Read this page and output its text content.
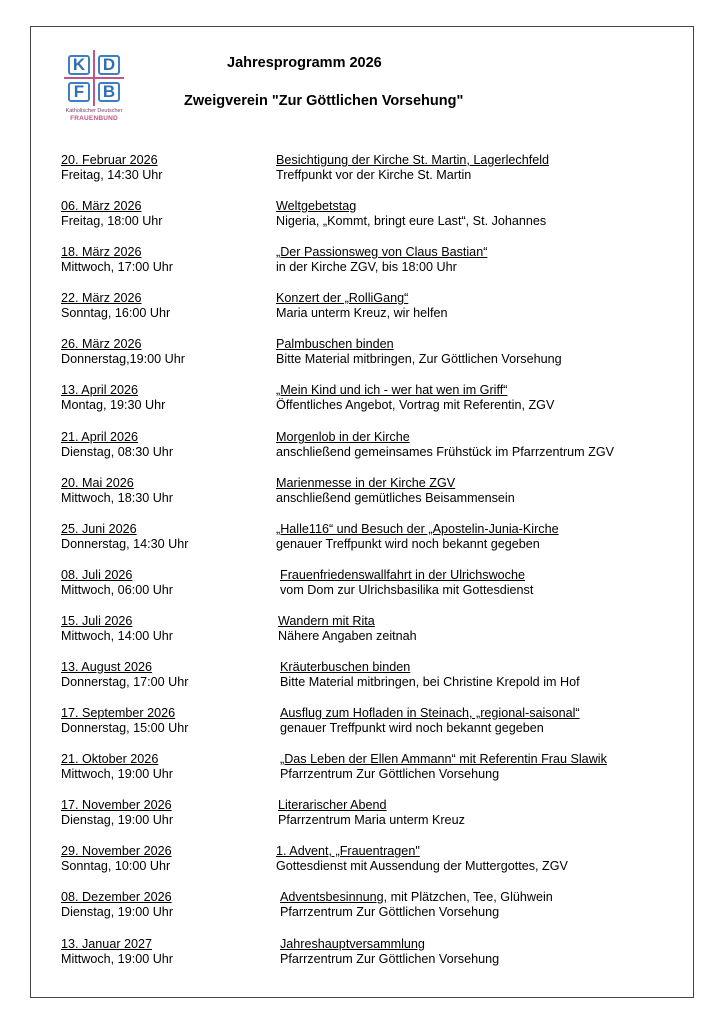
K D
F	B
Katholischer Deutscher
FRAUENBUND
Jahresprogramm 2026
Zweigverein "Zur Göttlichen Vorsehung"
20. Februar 2026
Freitag, 14:30 Uhr
Besichtigung der Kirche St. Martin, Lagerlechfeld
Treffpunkt vor der Kirche St. Martin
06. März 2026
Freitag, 18:00 Uhr
Weltgebetstag
Nigeria, „Kommt, bringt eure Last“, St. Johannes
18. März 2026
Mittwoch, 17:00 Uhr
„Der Passionsweg von Claus Bastian“
in der Kirche ZGV, bis 18:00 Uhr
22. März 2026
Sonntag, 16:00 Uhr
Konzert der „RolliGang“
Maria unterm Kreuz, wir helfen
26. März 2026
Donnerstag,19:00 Uhr
Palmbuschen binden
Bitte Material mitbringen, Zur Göttlichen Vorsehung
13. April 2026
Montag, 19:30 Uhr
„Mein Kind und ich - wer hat wen im Griff“
Öffentliches Angebot, Vortrag mit Referentin, ZGV
21. April 2026
Dienstag, 08:30 Uhr
Morgenlob in der Kirche
anschließend gemeinsames Frühstück im Pfarrzentrum ZGV
20. Mai 2026
Mittwoch, 18:30 Uhr
Marienmesse in der Kirche ZGV
anschließend gemütliches Beisammensein
25. Juni 2026
Donnerstag, 14:30 Uhr
„Halle116“ und Besuch der „Apostelin-Junia-Kirche
genauer Treffpunkt wird noch bekannt gegeben
08. Juli 2026
Mittwoch, 06:00 Uhr
Frauenfriedenswallfahrt in der Ulrichswoche
vom Dom zur Ulrichsbasilika mit Gottesdienst
15. Juli 2026
Mittwoch, 14:00 Uhr
Wandern mit Rita
Nähere Angaben zeitnah
13. August 2026
Donnerstag, 17:00 Uhr
Kräuterbuschen binden
Bitte Material mitbringen, bei Christine Krepold im Hof
17. September 2026
Donnerstag, 15:00 Uhr
Ausflug zum Hofladen in Steinach, „regional-saisonal“
genauer Treffpunkt wird noch bekannt gegeben
21. Oktober 2026
Mittwoch, 19:00 Uhr
„Das Leben der Ellen Ammann“ mit Referentin Frau Slawik
Pfarrzentrum Zur Göttlichen Vorsehung
17. November 2026
Dienstag, 19:00 Uhr
Literarischer Abend
Pfarrzentrum Maria unterm Kreuz
29. November 2026
Sonntag, 10:00 Uhr
1. Advent, „Frauentragen"
Gottesdienst mit Aussendung der Muttergottes, ZGV
08. Dezember 2026
Dienstag, 19:00 Uhr
Adventsbesinnung, mit Plätzchen, Tee, Glühwein
Pfarrzentrum Zur Göttlichen Vorsehung
13. Januar 2027
Mittwoch, 19:00 Uhr
Jahreshauptversammlung
Pfarrzentrum Zur Göttlichen Vorsehung
